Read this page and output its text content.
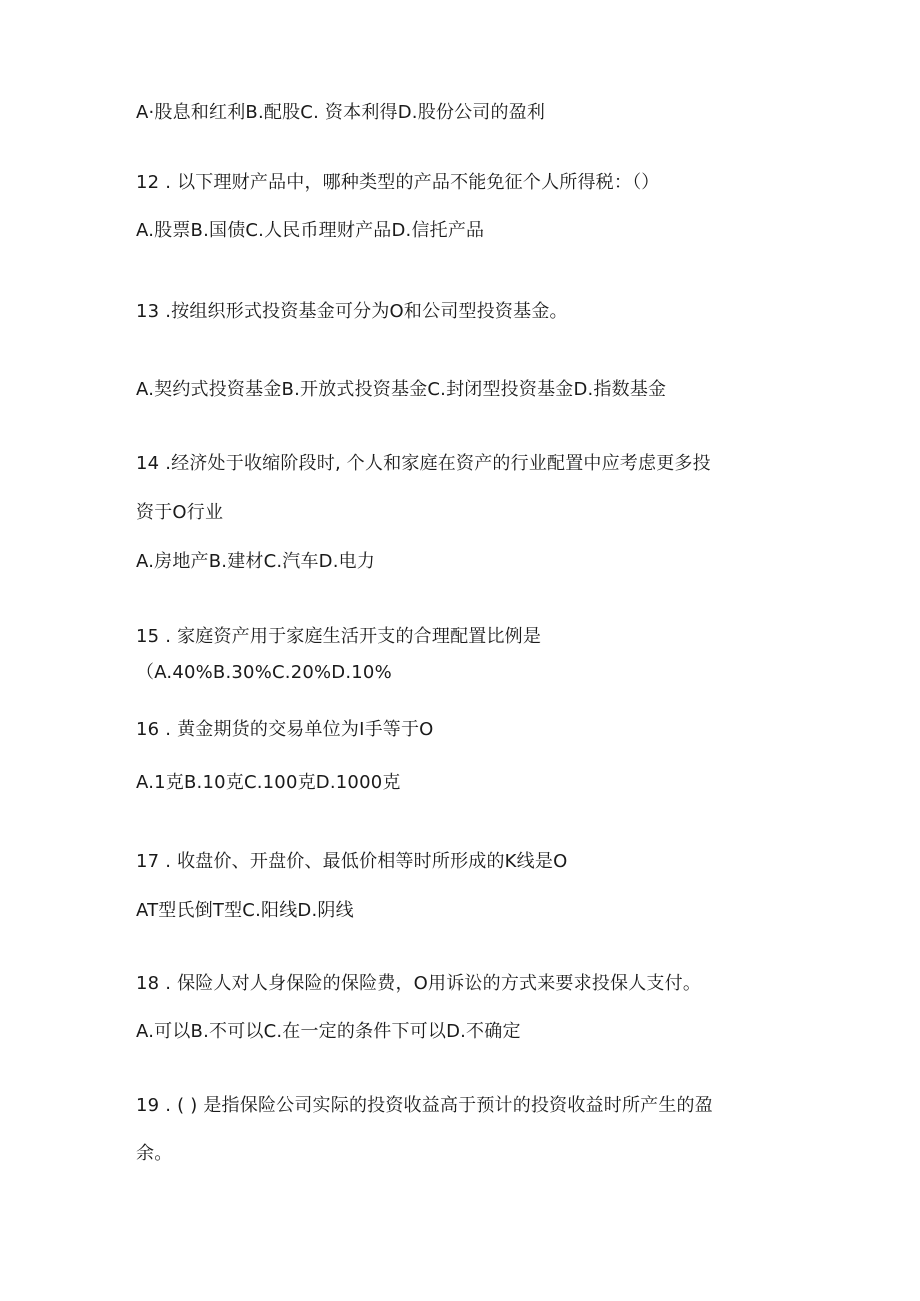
A·股息和红利B.配股C. 资本利得D.股份公司的盈利
12 . 以下理财产品中，哪种类型的产品不能免征个人所得税：（）
A.股票B.国债C.人民币理财产品D.信托产品
13 .按组织形式投资基金可分为O和公司型投资基金。
A.契约式投资基金B.开放式投资基金C.封闭型投资基金D.指数基金
14 .经济处于收缩阶段时, 个人和家庭在资产的行业配置中应考虑更多投
资于O行业
A.房地产B.建材C.汽车D.电力
15 . 家庭资产用于家庭生活开支的合理配置比例是
（A.40%B.30%C.20%D.10%
16 . 黄金期货的交易单位为I手等于O
A.1克B.10克C.100克D.1000克
17 . 收盘价、开盘价、最低价相等时所形成的K线是O
AT型氏倒T型C.阳线D.阴线
18 . 保险人对人身保险的保险费，O用诉讼的方式来要求投保人支付。
A.可以B.不可以C.在一定的条件下可以D.不确定
19 . ( ) 是指保险公司实际的投资收益高于预计的投资收益时所产生的盈
余。
